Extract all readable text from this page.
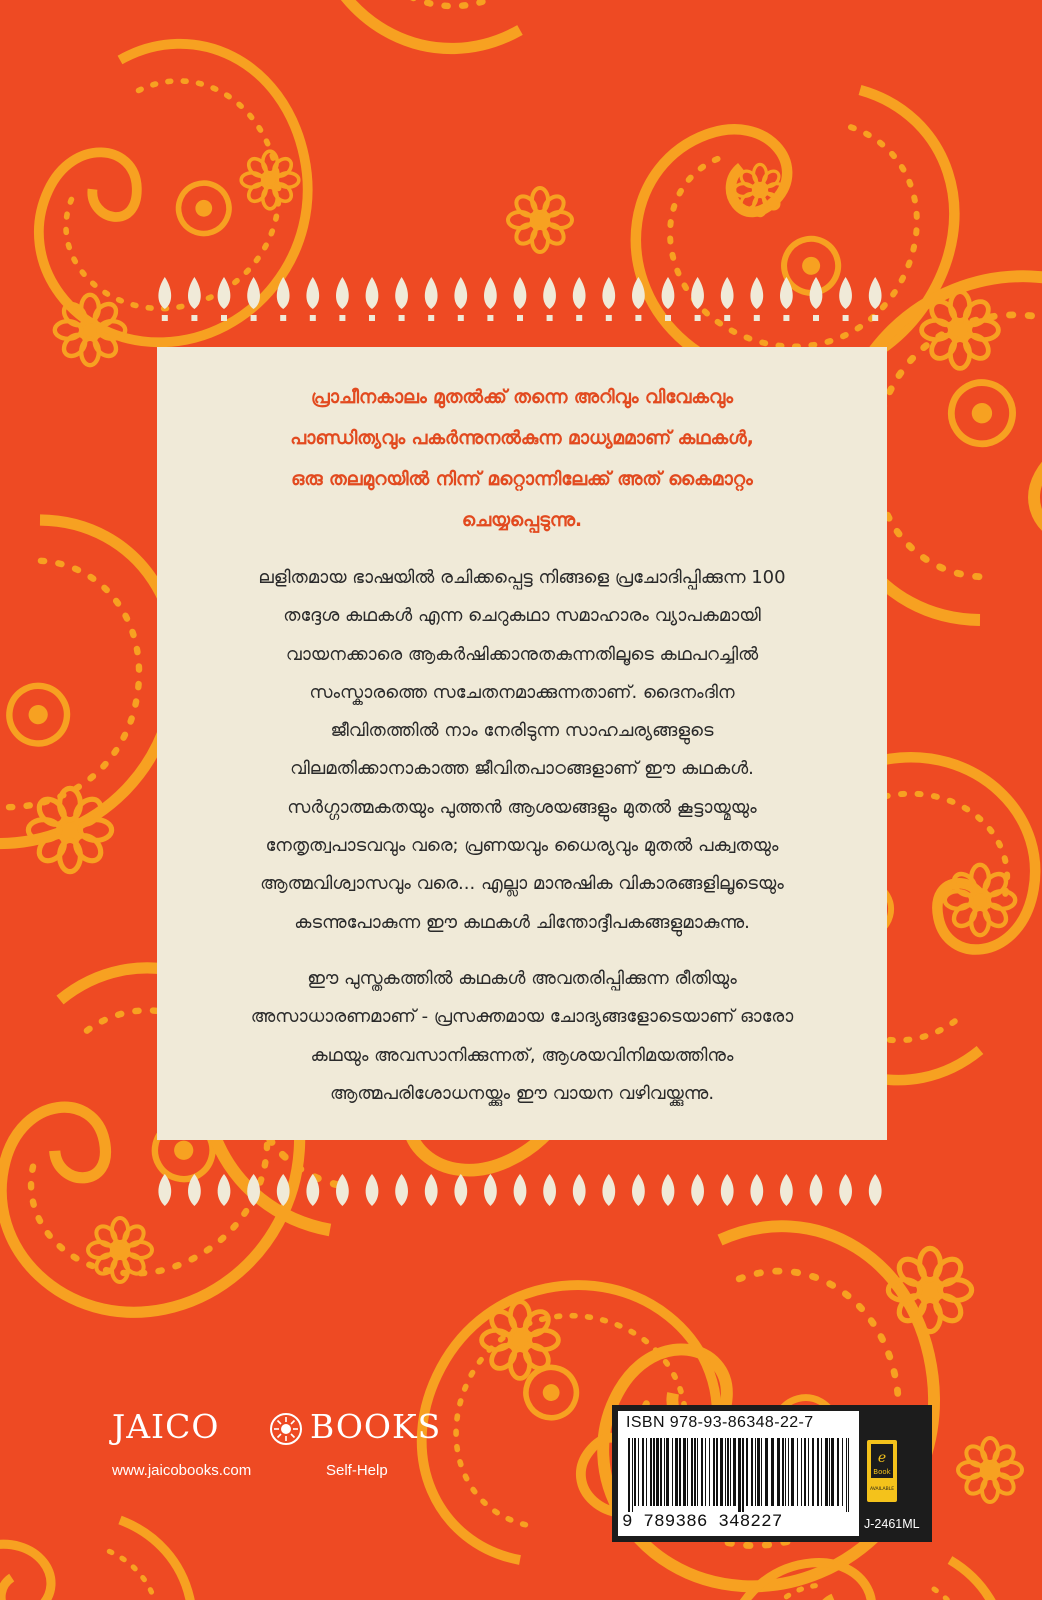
പ്രാചീനകാലം മുതൽക്ക് തന്നെ അറിവും വിവേകവും
പാണ്ഡിത്യവും പകർന്നുനൽകുന്ന മാധ്യമമാണ് കഥകൾ,
ഒരു തലമുറയിൽ നിന്ന് മറ്റൊന്നിലേക്ക് അത് കൈമാറ്റം
ചെയ്യപ്പെടുന്നു.
ലളിതമായ ഭാഷയിൽ രചിക്കപ്പെട്ട നിങ്ങളെ പ്രചോദിപ്പിക്കുന്ന 100
തദ്ദേശ കഥകൾ എന്ന ചെറുകഥാ സമാഹാരം വ്യാപകമായി
വായനക്കാരെ ആകർഷിക്കാനുതകുന്നതിലൂടെ കഥപറച്ചിൽ
സംസ്കാരത്തെ സചേതനമാക്കുന്നതാണ്. ദൈനംദിന
ജീവിതത്തിൽ നാം നേരിടുന്ന സാഹചര്യങ്ങളുടെ
വിലമതിക്കാനാകാത്ത ജീവിതപാഠങ്ങളാണ് ഈ കഥകൾ.
സർഗ്ഗാത്മകതയും പുത്തൻ ആശയങ്ങളും മുതൽ കൂട്ടായ്മയും
നേതൃത്വപാടവവും വരെ; പ്രണയവും ധൈര്യവും മുതൽ പക്വതയും
ആത്മവിശ്വാസവും വരെ... എല്ലാ മാനുഷിക വികാരങ്ങളിലൂടെയും
കടന്നുപോകുന്ന ഈ കഥകൾ ചിന്തോദ്ദീപകങ്ങളുമാകുന്നു.
ഈ പുസ്തകത്തിൽ കഥകൾ അവതരിപ്പിക്കുന്ന രീതിയും
അസാധാരണമാണ് - പ്രസക്തമായ ചോദ്യങ്ങളോടെയാണ് ഓരോ
കഥയും അവസാനിക്കുന്നത്, ആശയവിനിമയത്തിനും
ആത്മപരിശോധനയ്ക്കും ഈ വായന വഴിവയ്ക്കുന്നു.
JAICO	BOOKS
www.jaicobooks.com	Self-Help
ISBN 978-93-86348-22-7
9 789386 348227
e
Book
AVAILABLE
J-2461ML
